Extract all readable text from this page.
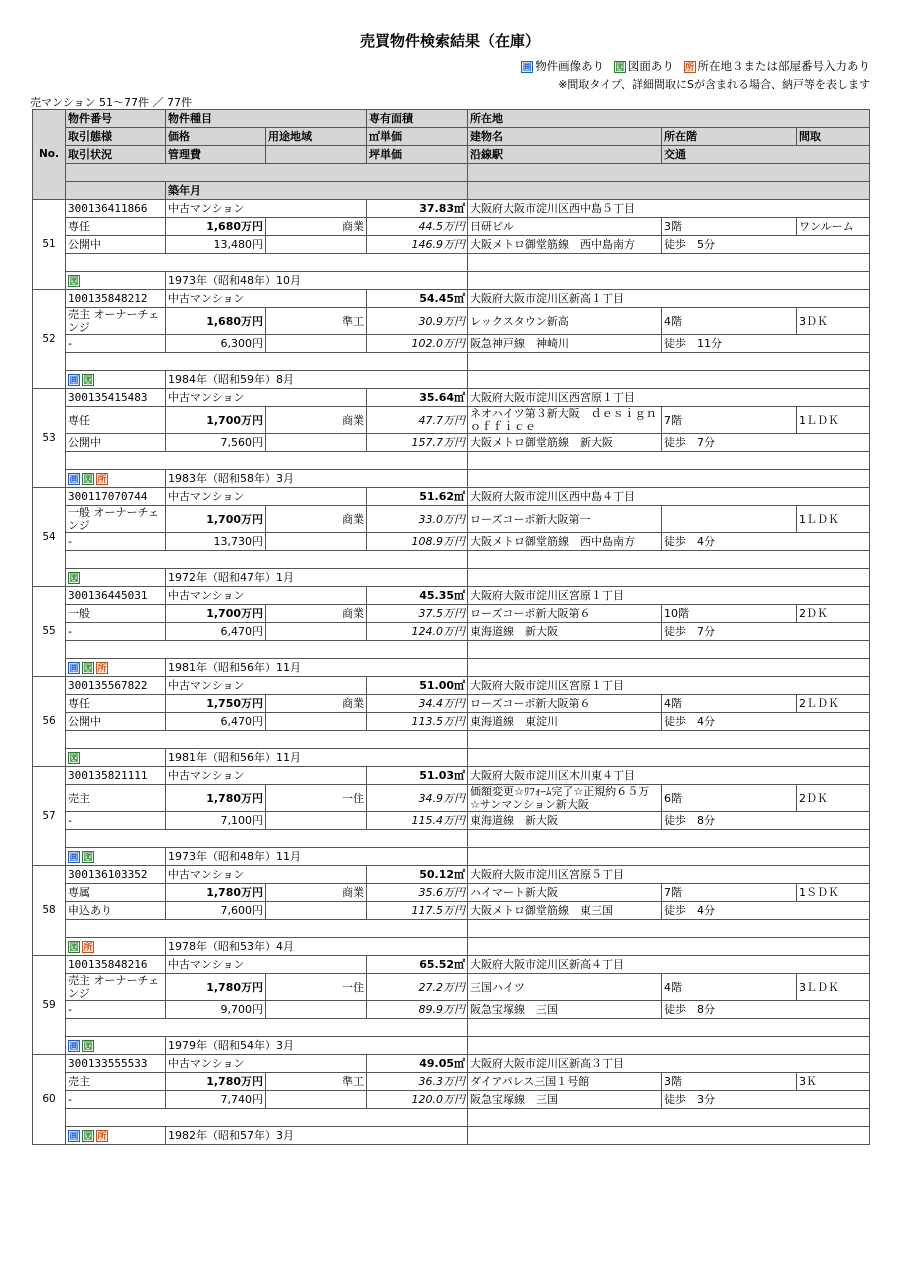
売買物件検索結果（在庫）
画 物件画像あり 図 図面あり 所 所在地３または部屋番号入力あり
※間取タイプ、詳細間取にSが含まれる場合、納戸等を表します
売マンション 51〜77件 ／ 77件
No.	物件番号	物件種目		専有面積	所在地		
	取引態様	価格	用途地域	㎡単価	建物名	所在階	間取
	取引状況	管理費		坪単価	沿線駅	交通	

		築年月					
51	300136411866	中古マンション		37.83㎡	大阪府大阪市淀川区西中島５丁目		
	専任	1,680万円	商業	44.5万円	日研ビル	3階	ワンルーム
	公開中	13,480円		146.9万円	大阪メトロ御堂筋線　西中島南方	徒歩　5分	

	図	1973年（昭和48年）10月					
52	100135848212	中古マンション		54.45㎡	大阪府大阪市淀川区新高１丁目		
	売主 オーナーチェンジ	1,680万円	準工	30.9万円	レックスタウン新高	4階	3ＤＫ
	-	6,300円		102.0万円	阪急神戸線　神崎川	徒歩　11分	

	画 図	1984年（昭和59年）8月					
53	300135415483	中古マンション		35.64㎡	大阪府大阪市淀川区西宮原１丁目		
	専任	1,700万円	商業	47.7万円	ネオハイツ第３新大阪　ｄｅｓｉｇｎ　ｏｆｆｉｃｅ	7階	1ＬＤＫ
	公開中	7,560円		157.7万円	大阪メトロ御堂筋線　新大阪	徒歩　7分	

	画 図 所	1983年（昭和58年）3月					
54	300117070744	中古マンション		51.62㎡	大阪府大阪市淀川区西中島４丁目		
	一般 オーナーチェンジ	1,700万円	商業	33.0万円	ローズコーポ新大阪第一		1ＬＤＫ
	-	13,730円		108.9万円	大阪メトロ御堂筋線　西中島南方	徒歩　4分	

	図	1972年（昭和47年）1月					
55	300136445031	中古マンション		45.35㎡	大阪府大阪市淀川区宮原１丁目		
	一般	1,700万円	商業	37.5万円	ローズコーポ新大阪第６	10階	2ＤＫ
	-	6,470円		124.0万円	東海道線　新大阪	徒歩　7分	

	画 図 所	1981年（昭和56年）11月					
56	300135567822	中古マンション		51.00㎡	大阪府大阪市淀川区宮原１丁目		
	専任	1,750万円	商業	34.4万円	ローズコーポ新大阪第６	4階	2ＬＤＫ
	公開中	6,470円		113.5万円	東海道線　東淀川	徒歩　4分	

	図	1981年（昭和56年）11月					
57	300135821111	中古マンション		51.03㎡	大阪府大阪市淀川区木川東４丁目		
	売主	1,780万円	一住	34.9万円	価額変更☆ﾘﾌｫｰﾑ完了☆正規約６５万☆サンマンション新大阪	6階	2ＤＫ
	-	7,100円		115.4万円	東海道線　新大阪	徒歩　8分	

	画 図	1973年（昭和48年）11月					
58	300136103352	中古マンション		50.12㎡	大阪府大阪市淀川区宮原５丁目		
	専属	1,780万円	商業	35.6万円	ハイマート新大阪	7階	1ＳＤＫ
	申込あり	7,600円		117.5万円	大阪メトロ御堂筋線　東三国	徒歩　4分	

	図 所	1978年（昭和53年）4月					
59	100135848216	中古マンション		65.52㎡	大阪府大阪市淀川区新高４丁目		
	売主 オーナーチェンジ	1,780万円	一住	27.2万円	三国ハイツ	4階	3ＬＤＫ
	-	9,700円		89.9万円	阪急宝塚線　三国	徒歩　8分	

	画 図	1979年（昭和54年）3月					
60	300133555533	中古マンション		49.05㎡	大阪府大阪市淀川区新高３丁目		
	売主	1,780万円	準工	36.3万円	ダイアパレス三国１号館	3階	3Ｋ
	-	7,740円		120.0万円	阪急宝塚線　三国	徒歩　3分	

	画 図 所	1982年（昭和57年）3月					
